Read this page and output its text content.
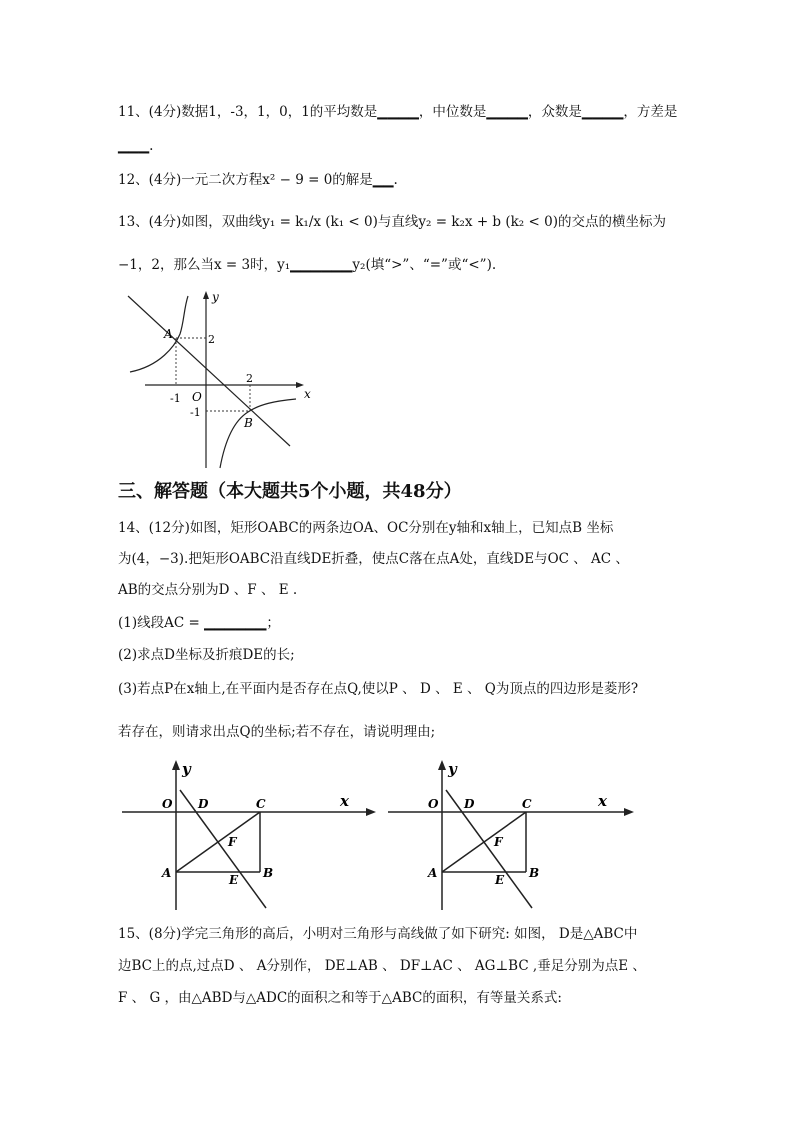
11、(4分)数据1，-3，1，0，1的平均数是▁▁▁▁，中位数是▁▁▁▁，众数是▁▁▁▁，方差是
▁▁▁.
12、(4分)一元二次方程x² − 9 = 0的解是▁▁.
13、(4分)如图，双曲线y₁ = k₁/x (k₁ < 0)与直线y₂ = k₂x + b (k₂ < 0)的交点的横坐标为
−1，2，那么当x = 3时，y₁▁▁▁▁▁▁y₂(填“>”、“=”或“<”).
y
x
O
A
B
2
2
-1
-1
三、解答题（本大题共5个小题，共48分）
14、(12分)如图，矩形OABC的两条边OA、OC分别在y轴和x轴上，已知点B 坐标
为(4，−3).把矩形OABC沿直线DE折叠，使点C落在点A处，直线DE与OC 、 AC 、
AB的交点分别为D 、F 、 E .
(1)线段AC = ▁▁▁▁▁▁；
(2)求点D坐标及折痕DE的长;
(3)若点P在x轴上,在平面内是否存在点Q,使以P 、 D 、 E 、 Q为顶点的四边形是菱形?
若存在，则请求出点Q的坐标;若不存在，请说明理由;
y
x
O D	C
F
A	E B
y
x
O D	C
F
A	E B
15、(8分)学完三角形的高后，小明对三角形与高线做了如下研究: 如图， D是△ABC中
边BC上的点,过点D 、 A分别作， DE⊥AB 、 DF⊥AC 、 AG⊥BC ,垂足分别为点E 、
F 、 G ，由△ABD与△ADC的面积之和等于△ABC的面积，有等量关系式:
